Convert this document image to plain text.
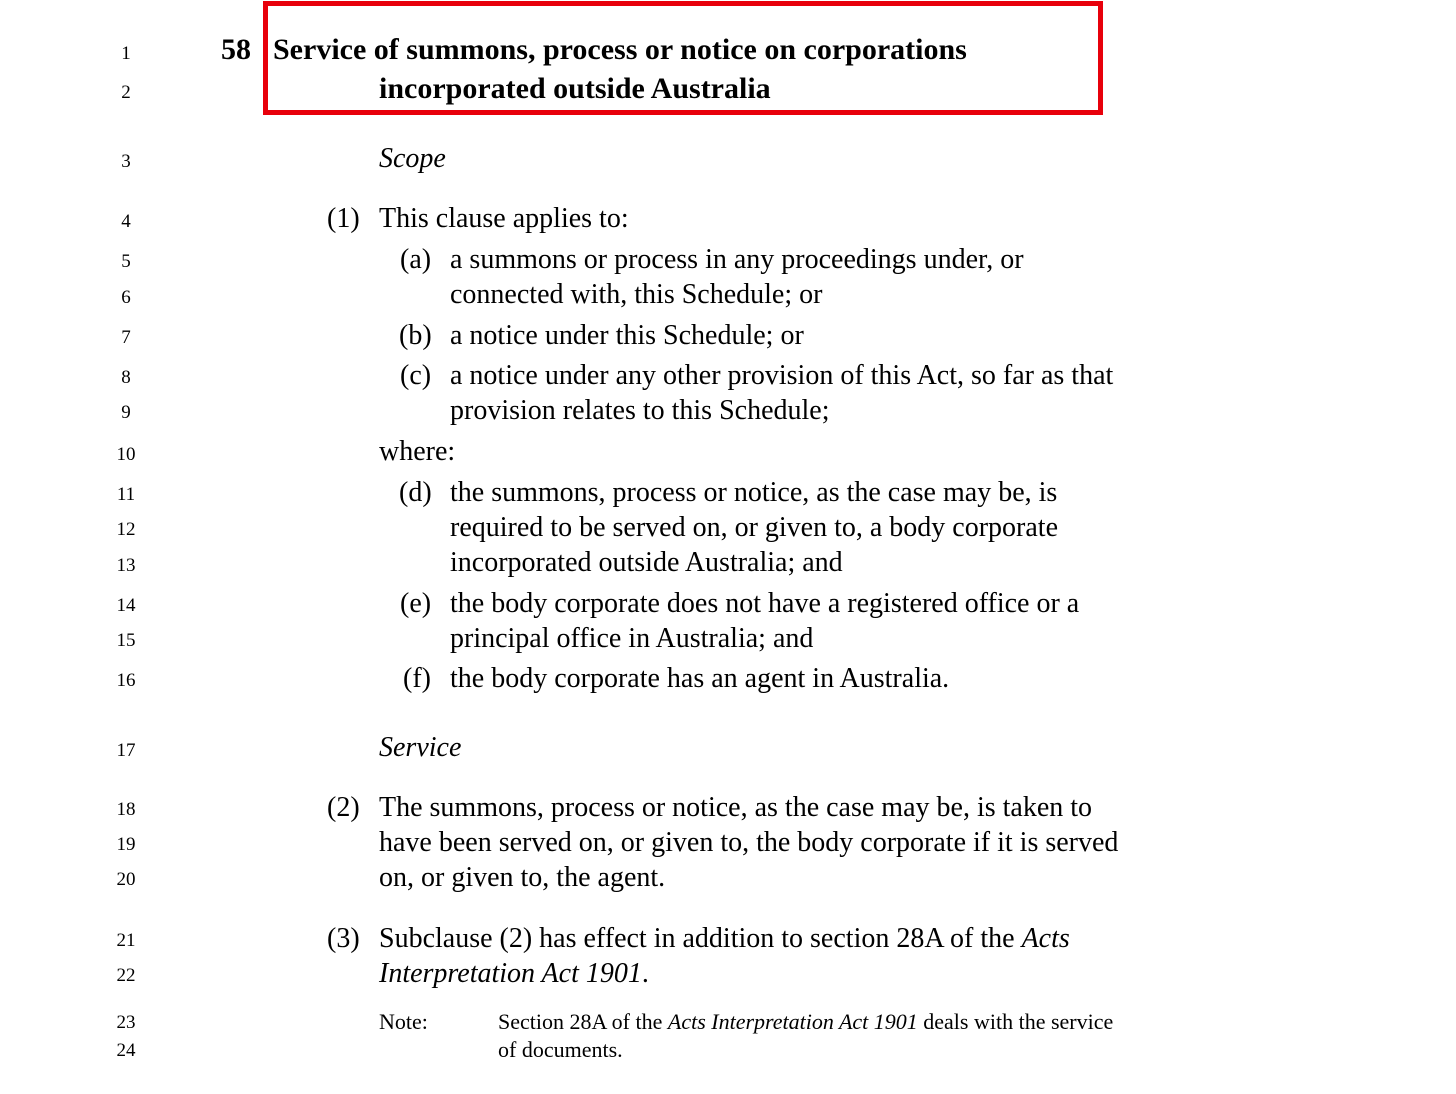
1
2
3
4
5
6
7
8
9
10
11
12
13
14
15
16
17
18
19
20
21
22
23
24
58 Service of summons, process or notice on corporations
incorporated outside Australia
Scope
(1) This clause applies to:
(a) a summons or process in any proceedings under, or
connected with, this Schedule; or
(b) a notice under this Schedule; or
(c) a notice under any other provision of this Act, so far as that
provision relates to this Schedule;
where:
(d) the summons, process or notice, as the case may be, is
required to be served on, or given to, a body corporate
incorporated outside Australia; and
(e) the body corporate does not have a registered office or a
principal office in Australia; and
(f) the body corporate has an agent in Australia.
Service
(2) The summons, process or notice, as the case may be, is taken to
have been served on, or given to, the body corporate if it is served
on, or given to, the agent.
(3) Subclause (2) has effect in addition to section 28A of the Acts
Interpretation Act 1901.
Note:	Section 28A of the Acts Interpretation Act 1901 deals with the service
of documents.
